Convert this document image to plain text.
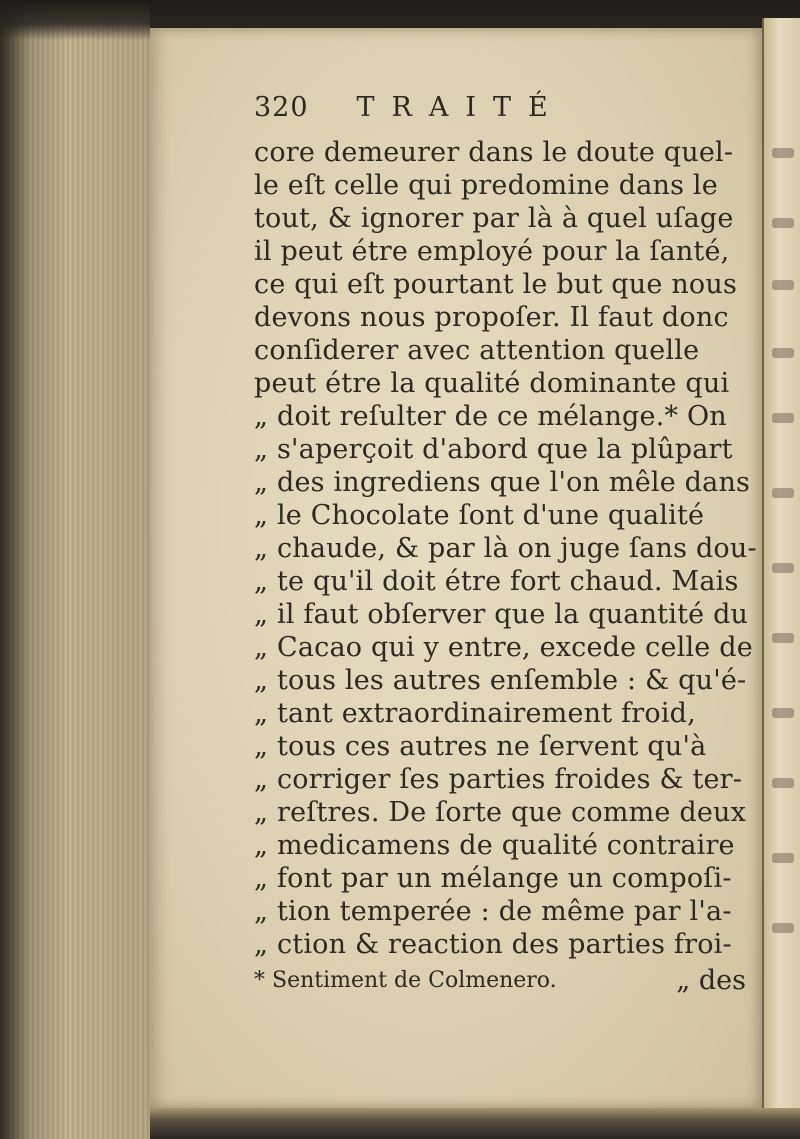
320 TRAITÉ
core demeurer dans le doute quel-
le eſt celle qui predomine dans le
tout, & ignorer par là à quel uſage
il peut étre employé pour la ſanté,
ce qui eſt pourtant le but que nous
devons nous propoſer. Il faut donc
conſiderer avec attention quelle
peut étre la qualité dominante qui
„ doit reſulter de ce mélange.* On
„ s'aperçoit d'abord que la plûpart
„ des ingrediens que l'on mêle dans
„ le Chocolate ſont d'une qualité
„ chaude, & par là on juge ſans dou-
„ te qu'il doit étre fort chaud. Mais
„ il faut obſerver que la quantité du
„ Cacao qui y entre, excede celle de
„ tous les autres enſemble : & qu'é-
„ tant extraordinairement froid,
„ tous ces autres ne ſervent qu'à
„ corriger ſes parties froides & ter-
„ reſtres. De ſorte que comme deux
„ medicamens de qualité contraire
„ font par un mélange un compoſi-
„ tion temperée : de même par l'a-
„ ction & reaction des parties froi-
* Sentiment de Colmenero.	„ des
